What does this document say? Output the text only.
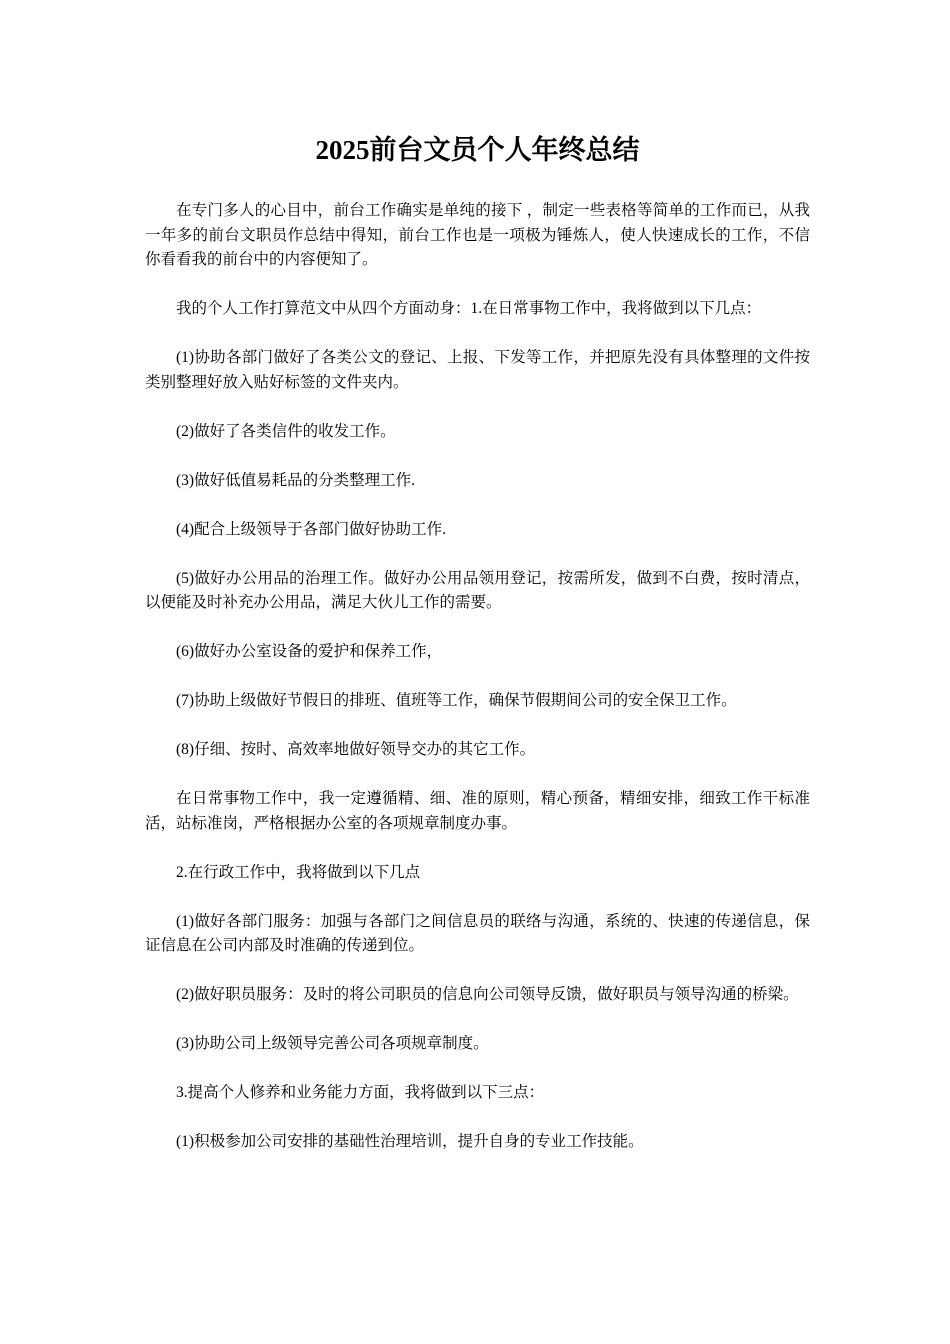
2025前台文员个人年终总结

在专门多人的心目中，前台工作确实是单纯的接下 ，制定一些表格等简单的工作而已，从我一年多的前台文职员作总结中得知，前台工作也是一项极为锤炼人，使人快速成长的工作，不信你看看我的前台中的内容便知了。

我的个人工作打算范文中从四个方面动身：1.在日常事物工作中，我将做到以下几点：

(1)协助各部门做好了各类公文的登记、上报、下发等工作，并把原先没有具体整理的文件按类别整理好放入贴好标签的文件夹内。

(2)做好了各类信件的收发工作。

(3)做好低值易耗品的分类整理工作.

(4)配合上级领导于各部门做好协助工作.

(5)做好办公用品的治理工作。做好办公用品领用登记，按需所发，做到不白费，按时清点，以便能及时补充办公用品，满足大伙儿工作的需要。

(6)做好办公室设备的爱护和保养工作，

(7)协助上级做好节假日的排班、值班等工作，确保节假期间公司的安全保卫工作。

(8)仔细、按时、高效率地做好领导交办的其它工作。

在日常事物工作中，我一定遵循精、细、准的原则，精心预备，精细安排，细致工作干标准活，站标准岗，严格根据办公室的各项规章制度办事。

2.在行政工作中，我将做到以下几点

(1)做好各部门服务：加强与各部门之间信息员的联络与沟通，系统的、快速的传递信息，保证信息在公司内部及时准确的传递到位。

(2)做好职员服务：及时的将公司职员的信息向公司领导反馈，做好职员与领导沟通的桥梁。

(3)协助公司上级领导完善公司各项规章制度。

3.提高个人修养和业务能力方面，我将做到以下三点：

(1)积极参加公司安排的基础性治理培训，提升自身的专业工作技能。
